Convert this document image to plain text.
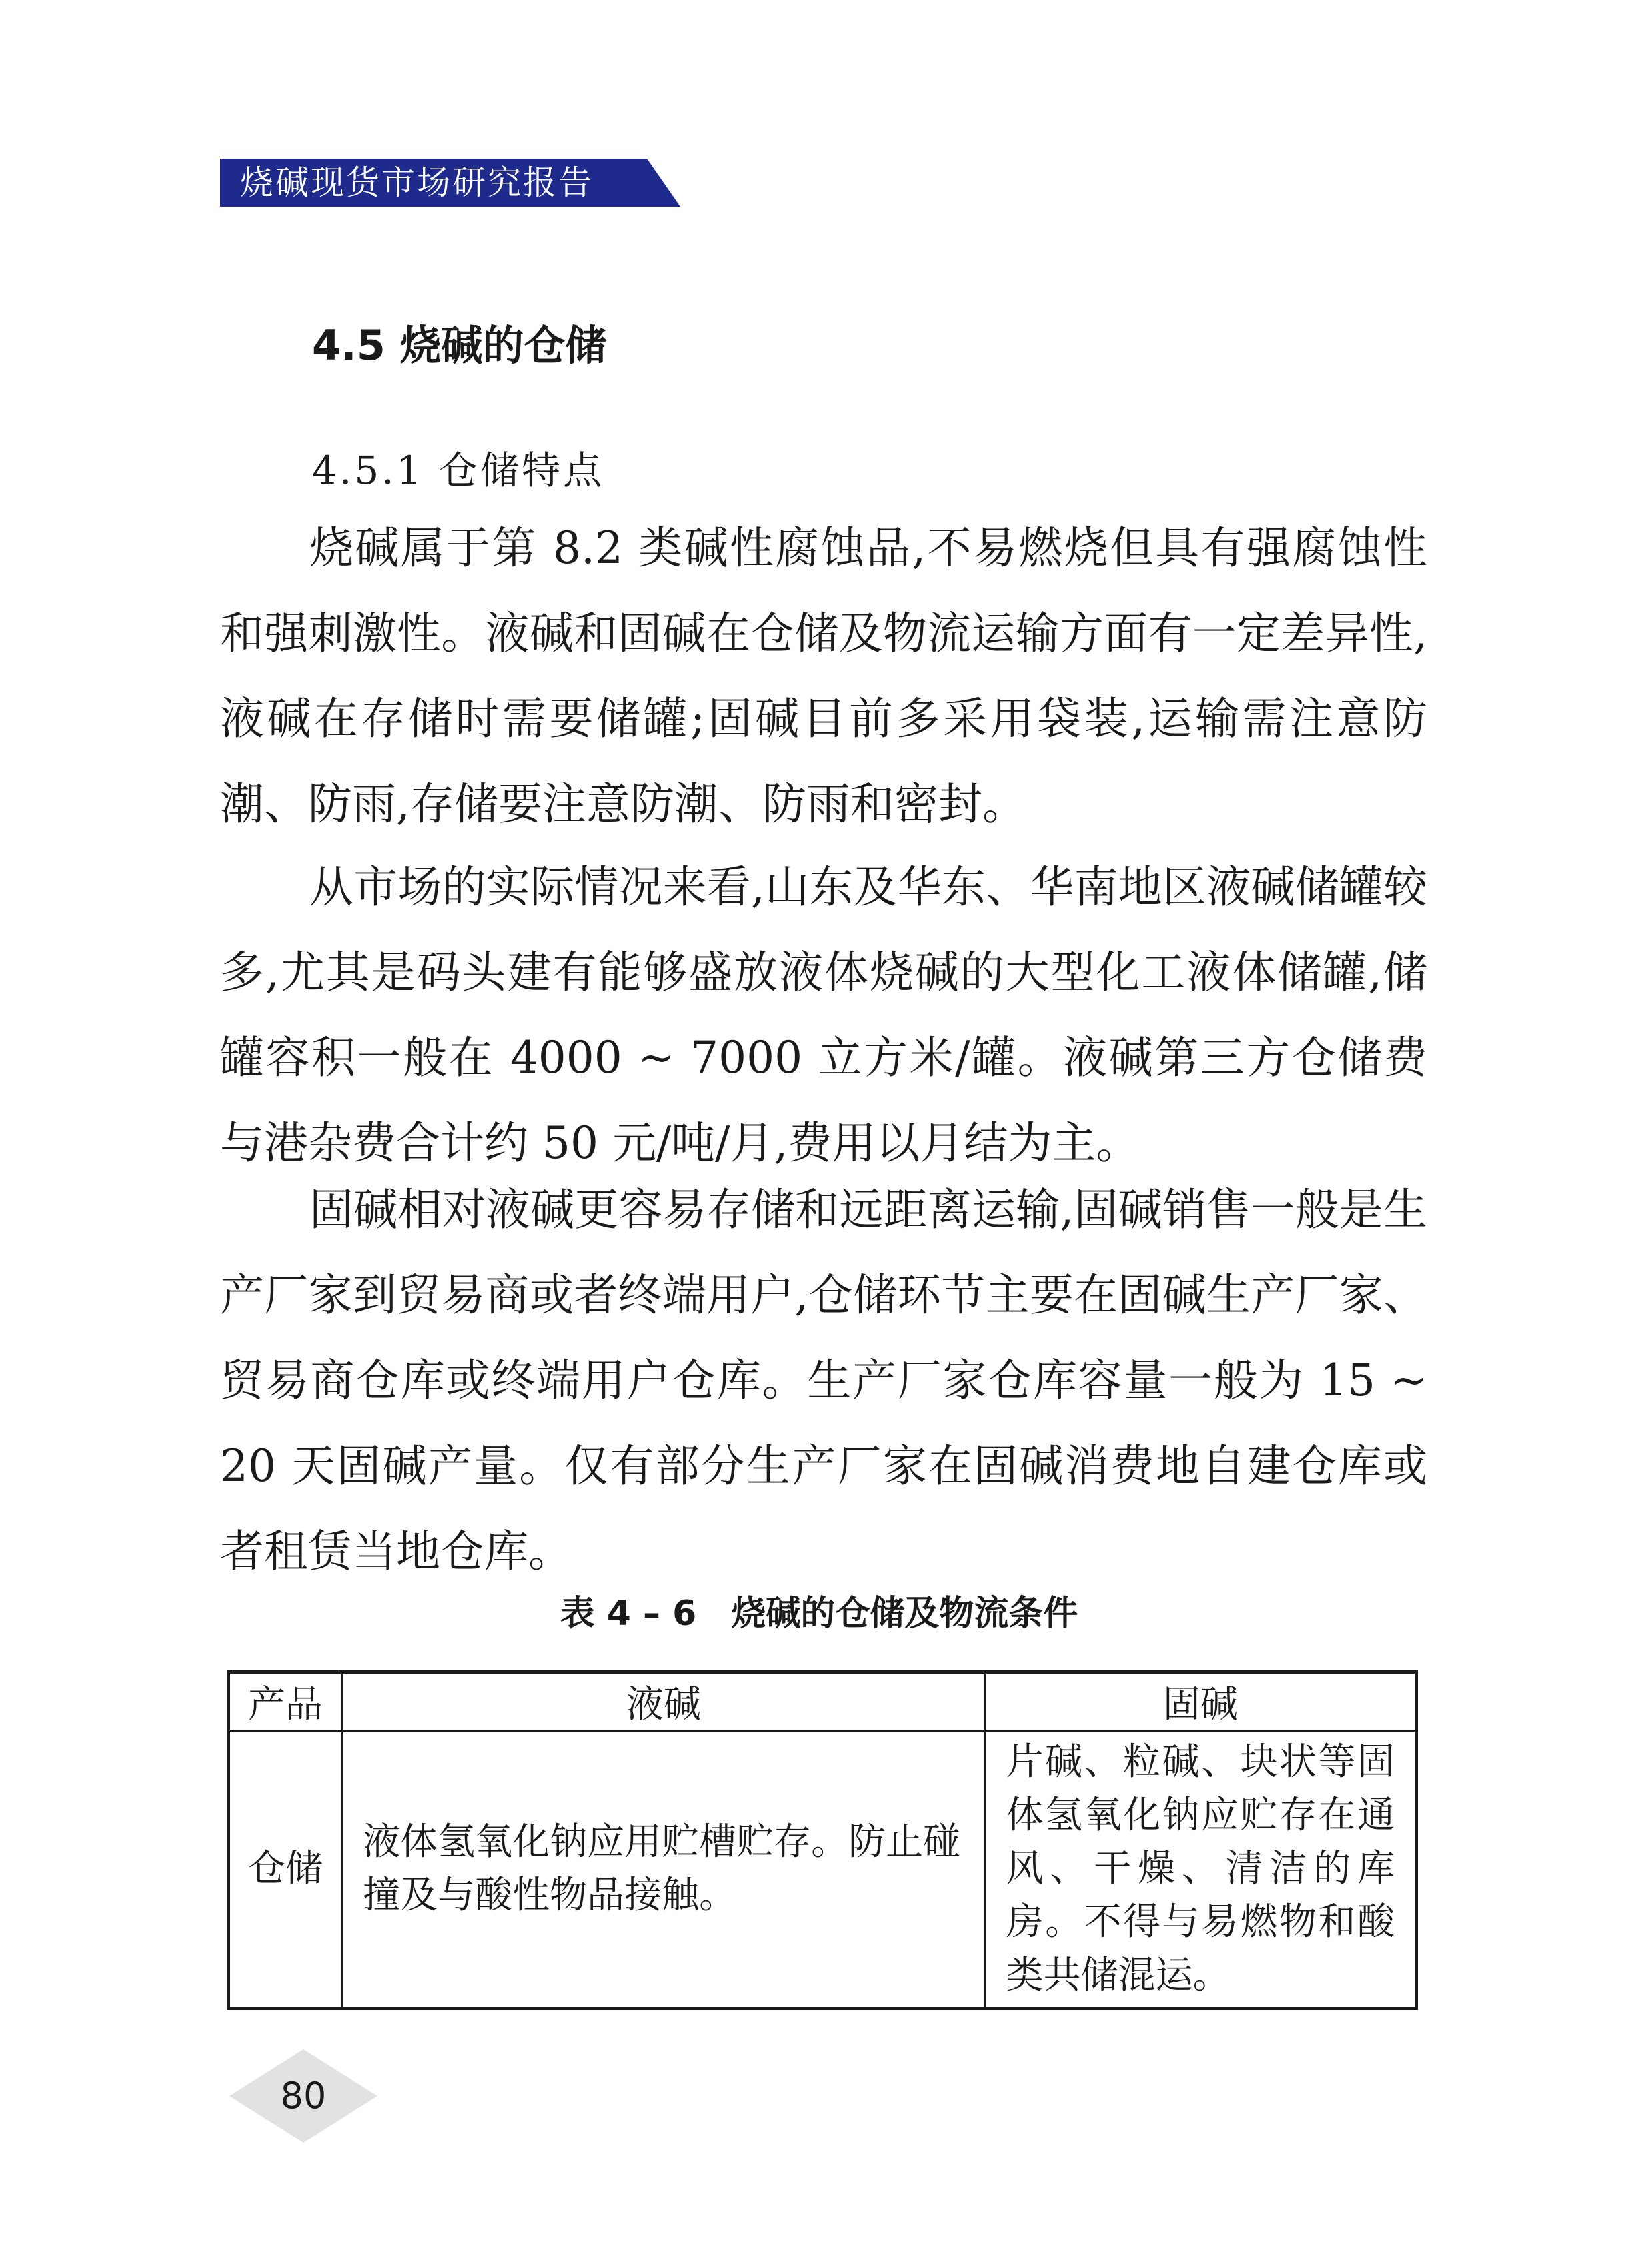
烧碱现货市场研究报告
4.5 烧碱的仓储
4.5.1 仓储特点

烧碱属于第 8.2 类碱性腐蚀品,不易燃烧但具有强腐蚀性和强刺激性。液碱和固碱在仓储及物流运输方面有一定差异性,液碱在存储时需要储罐;固碱目前多采用袋装,运输需注意防潮、防雨,存储要注意防潮、防雨和密封。

从市场的实际情况来看,山东及华东、华南地区液碱储罐较多,尤其是码头建有能够盛放液体烧碱的大型化工液体储罐,储罐容积一般在 4000 ~ 7000 立方米/罐。液碱第三方仓储费与港杂费合计约 50 元/吨/月,费用以月结为主。

固碱相对液碱更容易存储和远距离运输,固碱销售一般是生产厂家到贸易商或者终端用户,仓储环节主要在固碱生产厂家、贸易商仓库或终端用户仓库。生产厂家仓库容量一般为 15 ~ 20 天固碱产量。仅有部分生产厂家在固碱消费地自建仓库或者租赁当地仓库。

表 4 – 6　烧碱的仓储及物流条件
产品	液碱	固碱
仓储	液体氢氧化钠应用贮槽贮存。防止碰撞及与酸性物品接触。	片碱、粒碱、块状等固体氢氧化钠应贮存在通风、干燥、清洁的库房。不得与易燃物和酸类共储混运。
80
